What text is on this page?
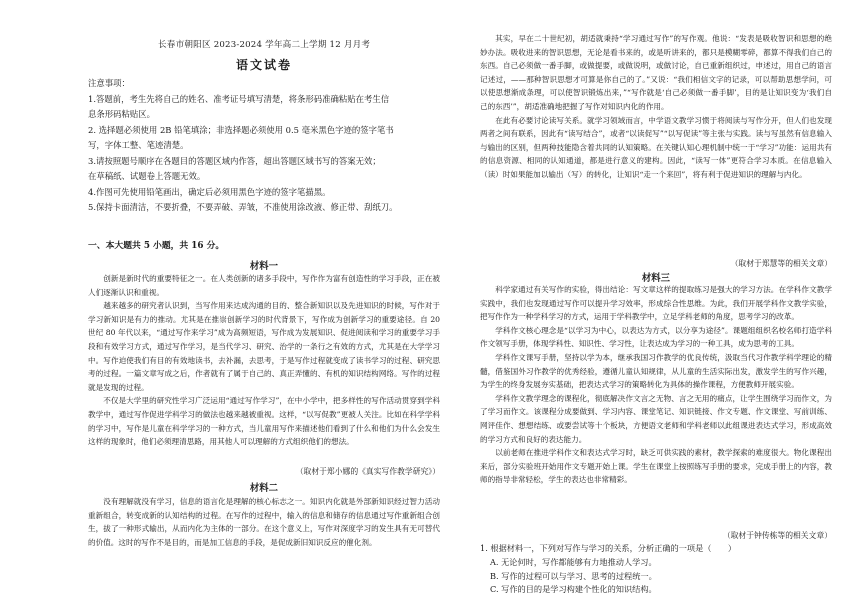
长春市朝阳区 2023-2024 学年高二上学期 12 月月考
语文试卷

注意事项：

1.答题前，考生先将自己的姓名、准考证号填写清楚，将条形码准确粘贴在考生信

息条形码粘贴区。

2. 选择题必须使用 2B 铅笔填涂；非选择题必须使用 0.5 毫米黑色字迹的签字笔书

写，字体工整、笔迹清楚。

3.请按照题号顺序在各题目的答题区域内作答，超出答题区域书写的答案无效；

在草稿纸、试题卷上答题无效。

4.作图可先使用铅笔画出，确定后必须用黑色字迹的签字笔描黑。

5.保持卡面清洁，不要折叠，不要弄破、弄皱，不准使用涂改液、修正带、刮纸刀。

一、本大题共 5 小题，共 16 分。
材料一

创新是新时代的重要特征之一。在人类创新的诸多手段中，写作作为富有创造性的学习手段，正在被人们逐渐认识和重视。

越来越多的研究者认识到，当写作用来达成沟通的目的、整合新知识以及先进知识的时候，写作对于学习新知识是有力的推动。尤其是在推崇创新学习的时代背景下，写作成为创新学习的重要途径。自 20 世纪 80 年代以来，“通过写作来学习”成为高频短语，写作成为发展知识、促进阅读和学习的重要学习手段和有效学习方式，通过写作学习，是当代学习、研究、治学的一条行之有效的方式，尤其是在大学学习中。写作迫使我们有目的有效地读书，去补漏，去思考，于是写作过程就变成了读书学习的过程、研究思考的过程。一篇文章写成之后，作者就有了属于自己的、真正弄懂的、有机的知识结构网络。写作的过程就是发现的过程。

不仅是大学里的研究性学习广泛运用“通过写作学习”，在中小学中，把多样性的写作活动贯穿到学科教学中，通过写作促进学科学习的做法也越来越被重视。这样，“以写促教”更被人关注。比如在科学学科的学习中，写作是儿童在科学学习的一种方式，当儿童用写作来描述他们看到了什么和他们为什么会发生这样的现象时，他们必须理清思路，用其他人可以理解的方式组织他们的想法。

（取材于郑小娜的《真实写作教学研究》）
材料二

没有理解就没有学习，信息的语言化是理解的核心标志之一。知识内化就是外部新知识经过智力活动重新组合，转变成新的认知结构的过程。在写作的过程中，输入的信息和储存的信息通过写作重新组合创生，拔了一种形式输出，从而内化为主体的一部分。在这个意义上，写作对深度学习的发生具有无可替代的价值。这时的写作不是目的，而是加工信息的手段，是促成新旧知识反应的催化剂。

其实，早在二十世纪初，胡适就秉持“学习通过写作”的写作观。他说：“发表是吸收智识和思想的绝妙办法。吸收进来的智识思想，无论是看书来的，或是听讲来的，都只是模糊零碎，都算不得我们自己的东西。自己必须做一番手脚，或做提要，或做说明，或做讨论，自已重新组织过，申述过，用自己的语言记述过，——那种智识思想才可算是你自己的了。”又说：“我们相信文字的记录，可以帮助思想学问，可以使思想渐成条理，可以使智识锻炼出来，”“写作就是‘自己必须做一番手脚’，目的是让知识变为‘我们自己的东西’”，胡适准确地把握了写作对知识内化的作用。

在此有必要讨论读写关系。就学习领域而言，中学语文教学习惯于将阅读与写作分开，但人们也发现两者之间有联系，因此有“读写结合”，或者“以读促写”“以写促读”等主张与实践。读与写虽然有信息输入与输出的区别，但两种技能隐含着共同的认知策略。在关键认知心理机制中统一于“学习”功能：运用共有的信息资源、相同的认知通道，都是进行意义的建构。因此，“读写一体”更符合学习本质。在信息输入（读）时如果能加以输出（写）的转化，让知识“走一个来回”，将有利于促进知识的理解与内化。

（取材于郑慧等的相关文章）
材料三

科学家通过有关写作的实验，得出结论：写文章这样的提取练习是强大的学习方法。在学科作文教学实践中，我们也发现通过写作可以提升学习效率，形成综合性思维。为此，我们开展学科作文教学实验，把写作作为一种学科学习的方式，运用于学科教学中，立足学科老师的角度，思考学习的改革。

学科作文核心理念是“以学习为中心，以表达为方式，以分享为途径”。课题组组织名校名师打造学科作文领写手册，体现学科性、知识性、学习性，让表达成为学习的一种工具，成为思考的工具。

学科作文课写手册，坚持以学为本，继承我国习作教学的优良传统，汲取当代习作教学科学理论的精髓，借鉴国外习作教学的优秀经验，遵循儿童认知规律，从儿童的生活实际出发，激发学生的写作兴趣，为学生的终身发展夯实基础，把表达式学习的策略转化为具体的操作课程，方便教师开展实验。

学科作文教学理念的课程化，彻底解决作文言之无物、言之无用的痛点，让学生围绕学习而作文，为了学习而作文。该课程分成要做到、学习内容、课堂笔记、知识链接、作文专题、作文课堂、写前训练、网评佳作、想想结练、或要尝试等十个板块，方便语文老师和学科老师以此组课进表达式学习，形成高效的学习方式和良好的表达能力。

以前老师在推进学科作文和表达式学习时，缺乏可供实践的素材，教学探索的难度很大。物化课程出来后，部分实验班开始用作文专题开始上课。学生在课堂上按照练写手册的要求，完成手册上的内容，教师的指导非常轻松，学生的表达也非常精彩。

（取材于钟传栋等的相关文章）

1. 根据材料一，下列对写作与学习的关系，分析正确的一项是（　　）

A. 无论何时，写作都能够有力地推动人学习。

B. 写作的过程可以与学习、思考的过程统一。

C. 写作的目的是学习构建个性化的知识结构。
